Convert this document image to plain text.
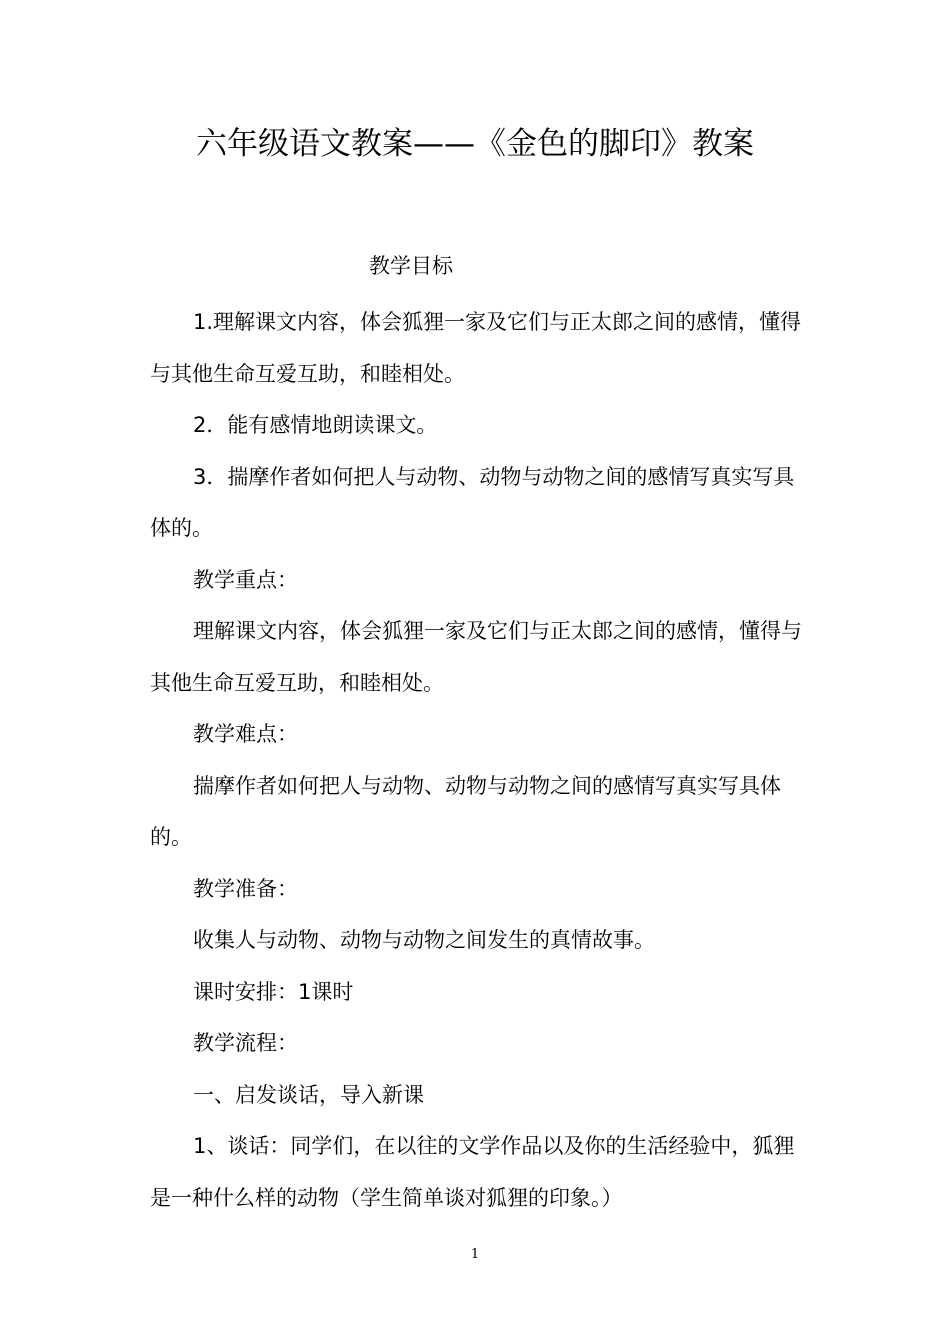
六年级语文教案——《金色的脚印》教案
教学目标

1.理解课文内容，体会狐狸一家及它们与正太郎之间的感情，懂得与其他生命互爱互助，和睦相处。

2．能有感情地朗读课文。

3．揣摩作者如何把人与动物、动物与动物之间的感情写真实写具体的。

教学重点：

理解课文内容，体会狐狸一家及它们与正太郎之间的感情，懂得与其他生命互爱互助，和睦相处。

教学难点：

揣摩作者如何把人与动物、动物与动物之间的感情写真实写具体的。

教学准备：

收集人与动物、动物与动物之间发生的真情故事。

课时安排：1课时

教学流程：

一、启发谈话，导入新课

1、谈话：同学们，在以往的文学作品以及你的生活经验中，狐狸是一种什么样的动物（学生简单谈对狐狸的印象。）

1
